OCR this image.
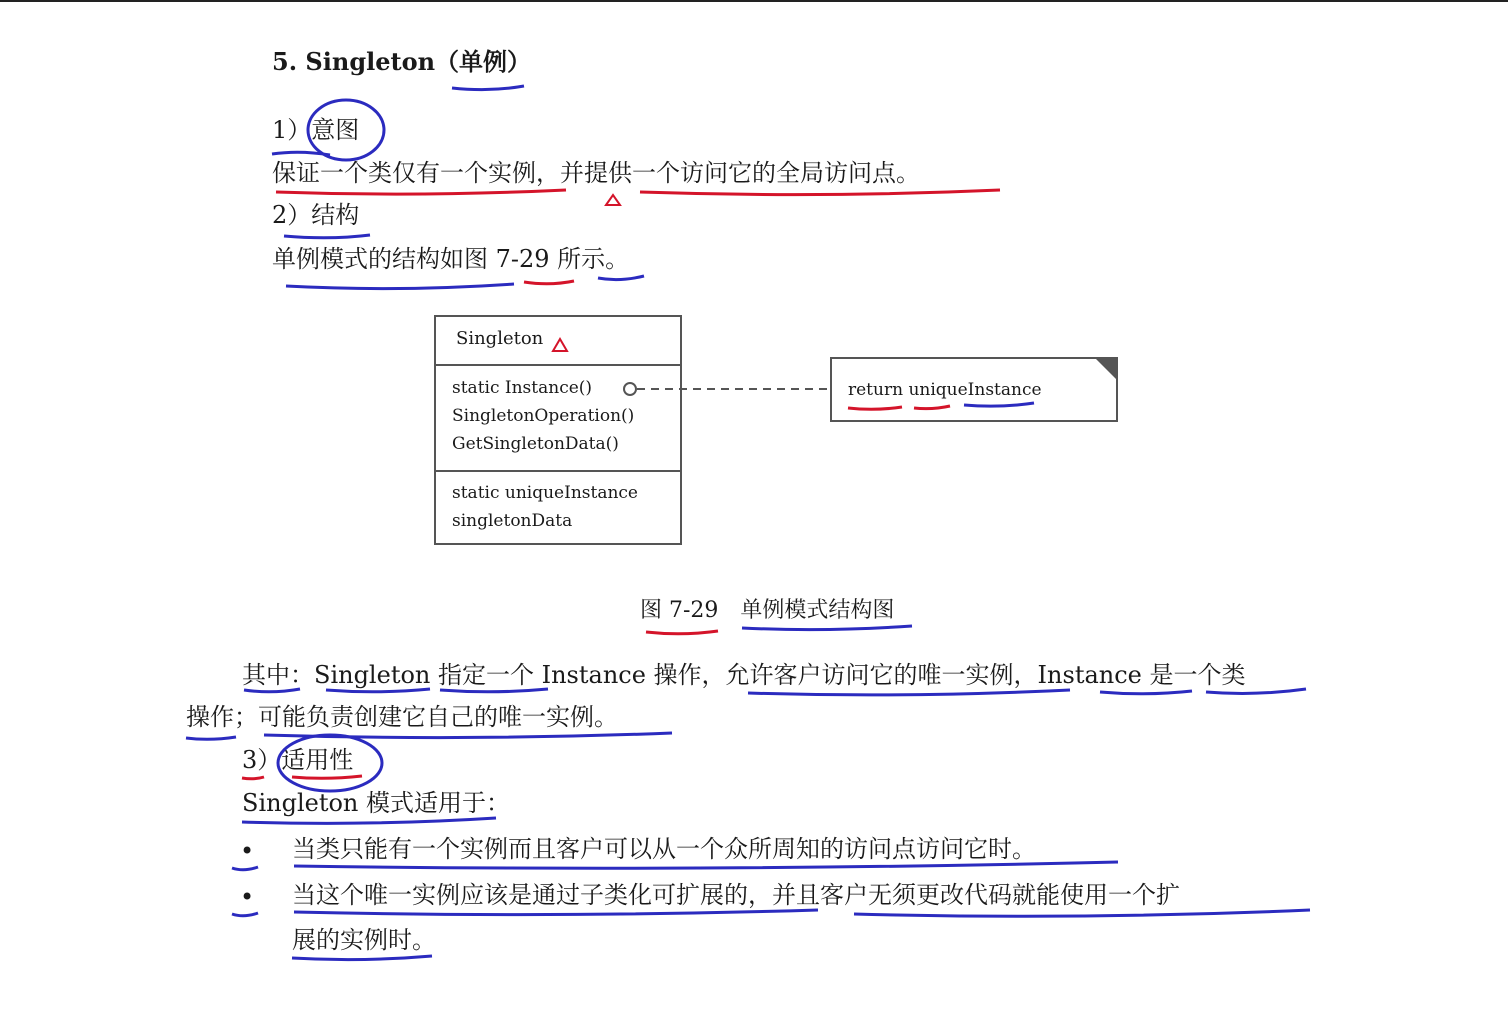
5. Singleton（单例）
1）意图
保证一个类仅有一个实例，并提供一个访问它的全局访问点。
2）结构
单例模式的结构如图 7-29 所示。
Singleton
static Instance()
SingletonOperation()
GetSingletonData()
static uniqueInstance
singletonData
return uniqueInstance
图 7-29　单例模式结构图
其中：Singleton 指定一个 Instance 操作，允许客户访问它的唯一实例，Instance 是一个类
操作；可能负责创建它自己的唯一实例。
3）适用性
Singleton 模式适用于：
• 当类只能有一个实例而且客户可以从一个众所周知的访问点访问它时。
• 当这个唯一实例应该是通过子类化可扩展的，并且客户无须更改代码就能使用一个扩
展的实例时。
